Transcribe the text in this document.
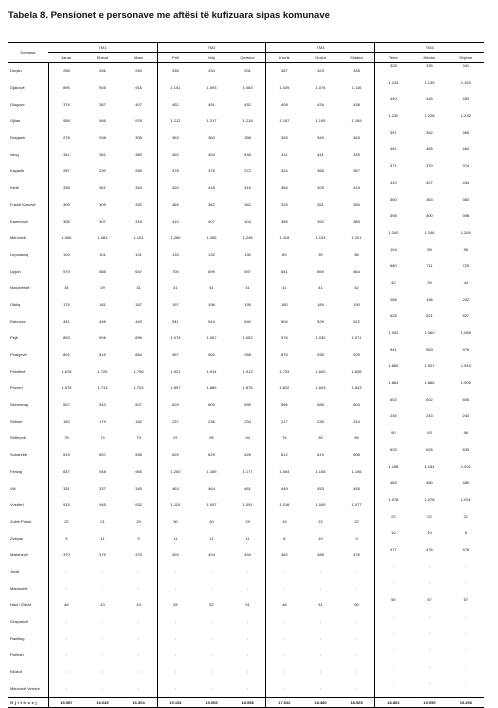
Tabela 8. Pensionet e personave me aftësi të kufizuara sipas komunave
Komuna	TM1			TM2			TM3			TM4		
	Janar	Shkurt	Mars	Prill	Maj	Qershor	Korrik	Gusht	Shtator	Tetor	Nëntor	Dhjetor
Deçan	258	266	263	336	334	331	387	323	335	328	339	341
Gjakovë	896	905	916	1.101	1.093	1.083	1.029	1.076	1.116	1.133	1.135	1.152
Glogovc	378	387	407	452	451	452	408	434	438	440	445	453
Gjilan	958	966	978	1.212	1.217	1.218	1.187	1.195	1.189	1.230	1.228	1.232
Dragash	278	298	305	363	360	356	345	345	453	357	362	365
Istog	341	362	380	450	450	446	411	441	335	451	465	464
Kaçanik	287	290	285	378	376	372	324	366	367	371	370	374
Klinë	338	361	344	420	418	415	384	405	415	410	427	434
Fushë Kosovë	305	309	332	365	362	362	333	351	350	360	363	360
Kamenicë	308	307	318	410	407	404	385	392	389	398	400	398
Mitrovicë	1.066	1.083	1.101	1.266	1.255	1.248	1.118	1.193	1.221	1.240	1.246	1.269
Leposaviq	100	101	101	133	132	130	83	90	86	104	95	96
Lipjan	570	585	647	705	699	697	641	669	664	680	711	725
Novobërdë	34	29	31	41	41	41	41	41	42	42	39	44
Obiliq	175	181	187	197	196	195	180	189	190	188	196	202
Rahovec	441	445	443	541	544	540	504	529	522	528	521	527
Pejë	853	906	896	1.074	1.067	1.052	976	1.030	1.071	1.052	1.060	1.085
Podujevë	801	819	884	967	960	958	875	936	929	941	963	976
Prishtinë	1.678	1.726	1.796	1.921	1.914	1.913	1.733	1.840	1.836	1.866	1.907	1.943
Prizren	1.578	1.713	1.704	1.897	1.889	1.878	1.822	1.843	1.843	1.864	1.866	1.909
Skenderaj	507	510	507	603	600	595	566	588	604	602	602	605
Shtime	182	179	182	237	236	234	217	235	244	246	243	244
Shtërpcë	75	74	73	97	95	94	75	90	89	90	93	96
Suharekë	519	557	555	629	629	626	612	619	608	629	626	639
Ferizaj	837	948	965	1.200	1.189	1.177	1.064	1.158	1.156	1.188	1.184	1.201
Viti	331	337	345	463	464	461	449	453	455	483	480	480
Vushtrri	915	945	932	1.110	1.097	1.091	1.016	1.049	1.077	1.078	1.078	1.091
Zubin Potok	22	21	20	30	30	29	19	22	22	22	22	21
Zveçan	9	11	9	11	11	11	8	10	9	10	10	8
Malishevë	370	379	375	494	494	494	482	486	476	477	476	478
Junik	:	:	:	:	:	:	:	:	:	:	:	:
Mamushë	:	:	:	:	:	:	:	:	:	:	:	:
Hani i Elezit	46	43	43	53	52	51	48	51	50	55	57	57
Graçanicë	:	:	:	:	:	:	:	:	:	:	:	:
Ranillug	:	:	:	:	:	:	:	:	:	:	:	:
Partesh	:	:	:	:	:	:	:	:	:	:	:	:
Kllokot	:	:	:	:	:	:	:	:	:	:	:	:
Mitrovicë Veriore	:	:	:	:	:	:	:	:	:	:	:	:
G j i t h s e j	15.987	16.045	16.304	19.154	19.065	18.958	17.632	18.480	18.565	18.863	19.050	19.266
